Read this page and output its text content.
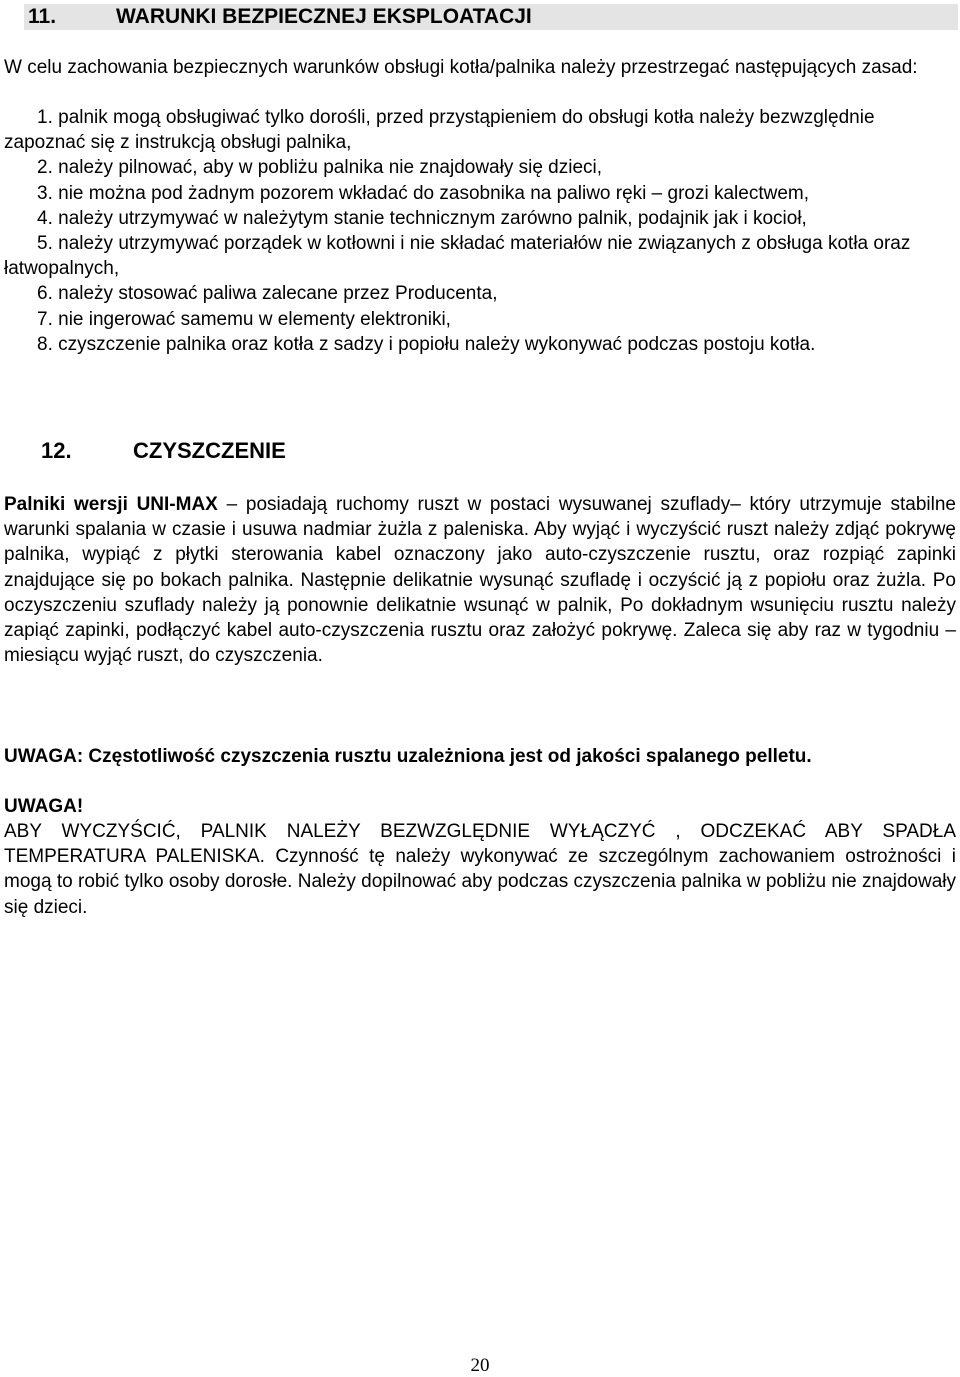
11.	WARUNKI BEZPIECZNEJ EKSPLOATACJI
W celu zachowania bezpiecznych warunków obsługi kotła/palnika należy przestrzegać następujących zasad:
1. palnik mogą obsługiwać tylko dorośli, przed przystąpieniem do obsługi kotła należy bezwzględnie zapoznać się z instrukcją obsługi palnika,
2. należy pilnować, aby w pobliżu palnika nie znajdowały się dzieci,
3. nie można pod żadnym pozorem wkładać do zasobnika na paliwo ręki – grozi kalectwem,
4. należy utrzymywać w należytym stanie technicznym zarówno palnik, podajnik jak i kocioł,
5. należy utrzymywać porządek w kotłowni i nie składać materiałów nie związanych z obsługa kotła oraz łatwopalnych,
6. należy stosować paliwa zalecane przez Producenta,
7. nie ingerować samemu w elementy elektroniki,
8. czyszczenie palnika oraz kotła z sadzy i popiołu należy wykonywać podczas postoju kotła.
12.	CZYSZCZENIE
Palniki wersji UNI-MAX – posiadają ruchomy ruszt w postaci wysuwanej szuflady– który utrzymuje stabilne warunki spalania w czasie i usuwa nadmiar żużla z paleniska. Aby wyjąć i wyczyścić ruszt należy zdjąć pokrywę palnika, wypiąć z płytki sterowania kabel oznaczony jako auto-czyszczenie rusztu, oraz rozpiąć zapinki znajdujące się po bokach palnika. Następnie delikatnie wysunąć szufladę i oczyścić ją z popiołu oraz żużla. Po oczyszczeniu szuflady należy ją ponownie delikatnie wsunąć w palnik, Po dokładnym wsunięciu rusztu należy zapiąć zapinki, podłączyć kabel auto-czyszczenia rusztu oraz założyć pokrywę. Zaleca się aby raz w tygodniu – miesiącu wyjąć ruszt, do czyszczenia.
UWAGA: Częstotliwość czyszczenia rusztu uzależniona jest od jakości spalanego pelletu.
UWAGA!
ABY WYCZYŚCIĆ, PALNIK NALEŻY BEZWZGLĘDNIE WYŁĄCZYĆ , ODCZEKAĆ ABY SPADŁA TEMPERATURA PALENISKA. Czynność tę należy wykonywać ze szczególnym zachowaniem ostrożności i mogą to robić tylko osoby dorosłe. Należy dopilnować aby podczas czyszczenia palnika w pobliżu nie znajdowały się dzieci.
20
